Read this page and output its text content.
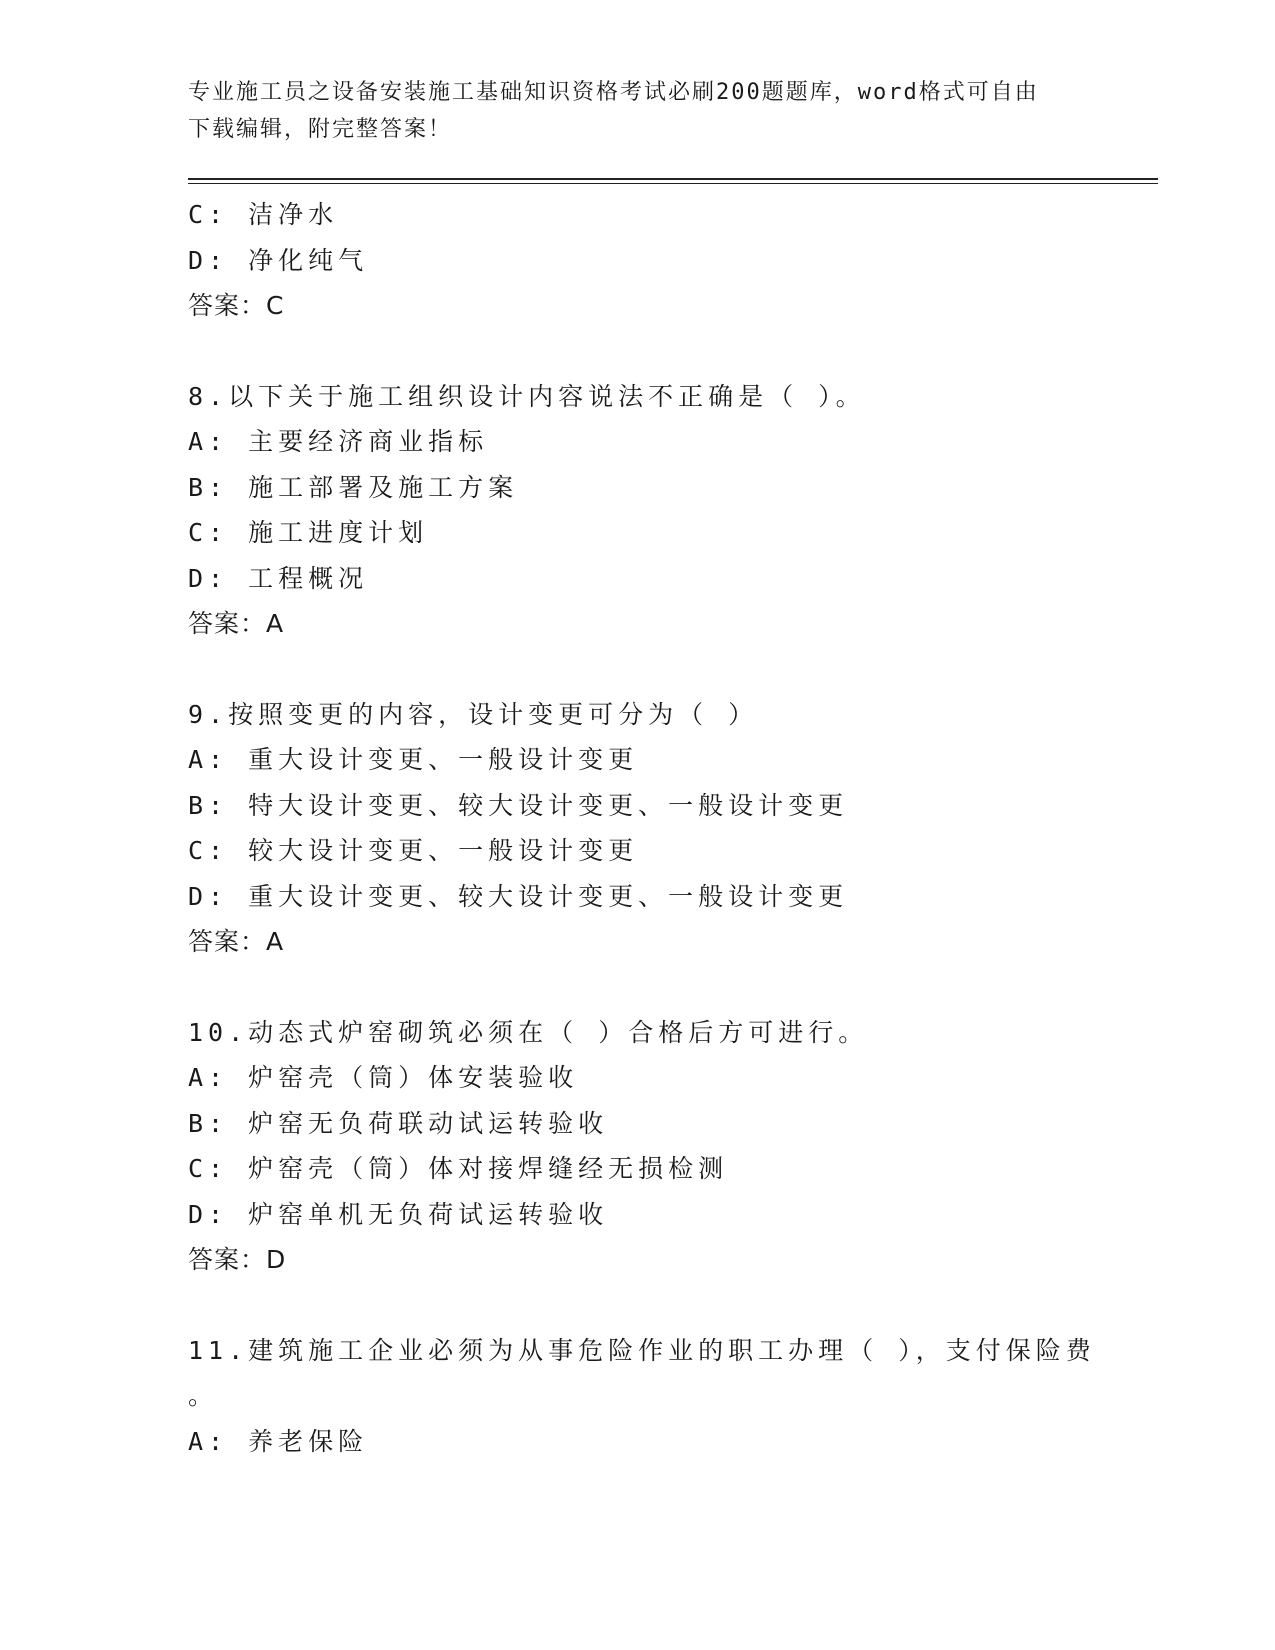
专业施工员之设备安装施工基础知识资格考试必刷200题题库，word格式可自由
下载编辑，附完整答案！
C: 洁净水
D: 净化纯气
答案：C
8.以下关于施工组织设计内容说法不正确是（ ）。
A: 主要经济商业指标
B: 施工部署及施工方案
C: 施工进度计划
D: 工程概况
答案：A
9.按照变更的内容，设计变更可分为（ ）
A: 重大设计变更、一般设计变更
B: 特大设计变更、较大设计变更、一般设计变更
C: 较大设计变更、一般设计变更
D: 重大设计变更、较大设计变更、一般设计变更
答案：A
10.动态式炉窑砌筑必须在（ ）合格后方可进行。
A: 炉窑壳（筒）体安装验收
B: 炉窑无负荷联动试运转验收
C: 炉窑壳（筒）体对接焊缝经无损检测
D: 炉窑单机无负荷试运转验收
答案：D
11.建筑施工企业必须为从事危险作业的职工办理（ ），支付保险费
。
A: 养老保险
